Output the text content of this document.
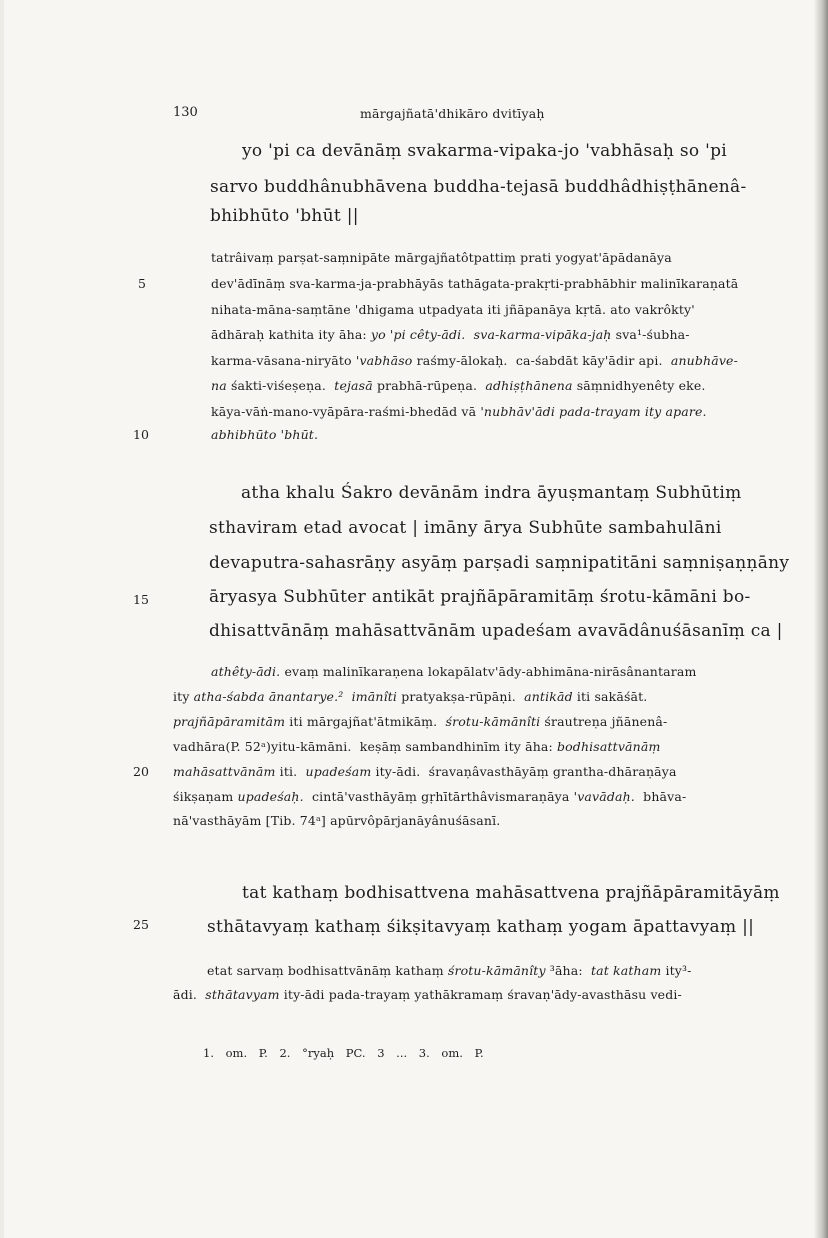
130	mārgajñatā'dhikāro dvitīyaḥ
5
10
15
20
25
yo 'pi ca devānāṃ svakarma-vipaka-jo 'vabhāsaḥ so 'pi
sarvo buddhânubhāvena buddha-tejasā buddhâdhiṣṭhānenâ-
bhibhūto 'bhūt ||
tatrâivaṃ parṣat-saṃnipāte mārgajñatôtpattiṃ prati yogyat'āpādanāya
dev'ādīnāṃ sva-karma-ja-prabhāyās tathāgata-prakṛti-prabhābhir malinīkaraṇatā
nihata-māna-saṃtāne 'dhigama utpadyata iti jñāpanāya kṛtā. ato vakrôkty'
ādhāraḥ kathita ity āha: yo 'pi cêty-ādi. sva-karma-vipāka-jaḥ sva¹-śubha-
karma-vāsana-niryāto 'vabhāso raśmy-ālokaḥ. ca-śabdāt kāy'ādir api. anubhāve-
na śakti-viśeṣeṇa. tejasā prabhā-rūpeṇa. adhiṣṭhānena sāṃnidhyenêty eke.
kāya-vāṅ-mano-vyāpāra-raśmi-bhedād vā 'nubhāv'ādi pada-trayam ity apare.
abhibhūto 'bhūt.
atha khalu Śakro devānām indra āyuṣmantaṃ Subhūtiṃ
sthaviram etad avocat | imāny ārya Subhūte sambahulāni
devaputra-sahasrāṇy asyāṃ parṣadi saṃnipatitāni saṃniṣaṇṇāny
āryasya Subhūter antikāt prajñāpāramitāṃ śrotu-kāmāni bo-
dhisattvānāṃ mahāsattvānām upadeśam avavādânuśāsanīṃ ca |
athêty-ādi. evaṃ malinīkaraṇena lokapālatv'ādy-abhimāna-nirāsânantaram
ity atha-śabda ānantarye.² imānîti pratyakṣa-rūpāṇi. antikād iti sakāśāt.
prajñāpāramitām iti mārgajñat'ātmikāṃ. śrotu-kāmānîti śrautreṇa jñānenâ-
vadhāra(P. 52ᵃ)yitu-kāmāni. keṣāṃ sambandhinīm ity āha: bodhisattvānāṃ
mahāsattvānām iti. upadeśam ity-ādi. śravaṇâvasthāyāṃ grantha-dhāraṇāya
śikṣaṇam upadeśaḥ. cintā'vasthāyāṃ gṛhītārthâvismaraṇāya 'vavādaḥ. bhāva-
nā'vasthāyām [Tib. 74ᵃ] apūrvôpārjanāyânuśāsanī.
tat kathaṃ bodhisattvena mahāsattvena prajñāpāramitāyāṃ
sthātavyaṃ kathaṃ śikṣitavyaṃ kathaṃ yogam āpattavyaṃ ||
etat sarvaṃ bodhisattvānāṃ kathaṃ śrotu-kāmānîty ³āha: tat katham ity³-
ādi. sthātavyam ity-ādi pada-trayaṃ yathākramaṃ śravaṇ'ādy-avasthāsu vedi-
1. om. P. 2. °ryaḥ PC. 3 ... 3. om. P.
